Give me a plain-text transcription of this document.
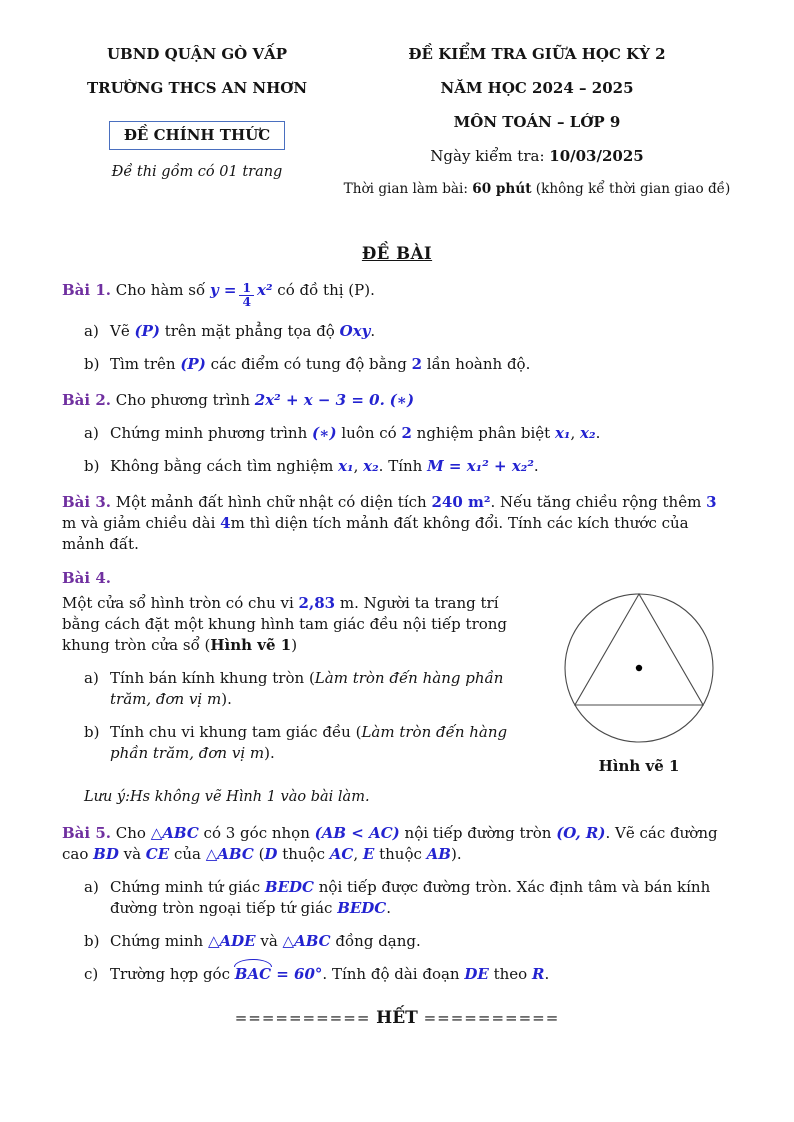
UBND QUẬN GÒ VẤP
TRƯỜNG THCS AN NHƠN
ĐỀ CHÍNH THỨC
Đề thi gồm có 01 trang
ĐỀ KIỂM TRA GIỮA HỌC KỲ 2
NĂM HỌC 2024 – 2025
MÔN TOÁN – LỚP 9
Ngày kiểm tra: 10/03/2025
Thời gian làm bài: 60 phút (không kể thời gian giao đề)
ĐỀ BÀI
Bài 1. Cho hàm số $y = \frac{1}{4} x^2$ có đồ thị (P).
a) Vẽ (P) trên mặt phẳng tọa độ Oxy.
b) Tìm trên (P) các điểm có tung độ bằng 2 lần hoành độ.
Bài 2. Cho phương trình 2x² + x − 3 = 0. (∗)
a) Chứng minh phương trình (∗) luôn có 2 nghiệm phân biệt x₁, x₂.
b) Không bằng cách tìm nghiệm x₁, x₂. Tính M = x₁² + x₂².
Bài 3. Một mảnh đất hình chữ nhật có diện tích 240 m². Nếu tăng chiều rộng thêm 3 m và giảm chiều dài 4m thì diện tích mảnh đất không đổi. Tính các kích thước của mảnh đất.
Bài 4.
Một cửa sổ hình tròn có chu vi 2,83 m. Người ta trang trí bằng cách đặt một khung hình tam giác đều nội tiếp trong khung tròn cửa sổ (Hình vẽ 1)
a) Tính bán kính khung tròn (Làm tròn đến hàng phần trăm, đơn vị m).
b) Tính chu vi khung tam giác đều (Làm tròn đến hàng phần trăm, đơn vị m).
Hình vẽ 1
Lưu ý:Hs không vẽ Hình 1 vào bài làm.
Bài 5. Cho △ABC có 3 góc nhọn (AB < AC) nội tiếp đường tròn (O, R). Vẽ các đường cao BD và CE của △ABC (D thuộc AC, E thuộc AB).
a) Chứng minh tứ giác BEDC nội tiếp được đường tròn. Xác định tâm và bán kính đường tròn ngoại tiếp tứ giác BEDC.
b) Chứng minh △ADE và △ABC đồng dạng.
c) Trường hợp góc BAC = 60°. Tính độ dài đoạn DE theo R.
========== HẾT ==========
